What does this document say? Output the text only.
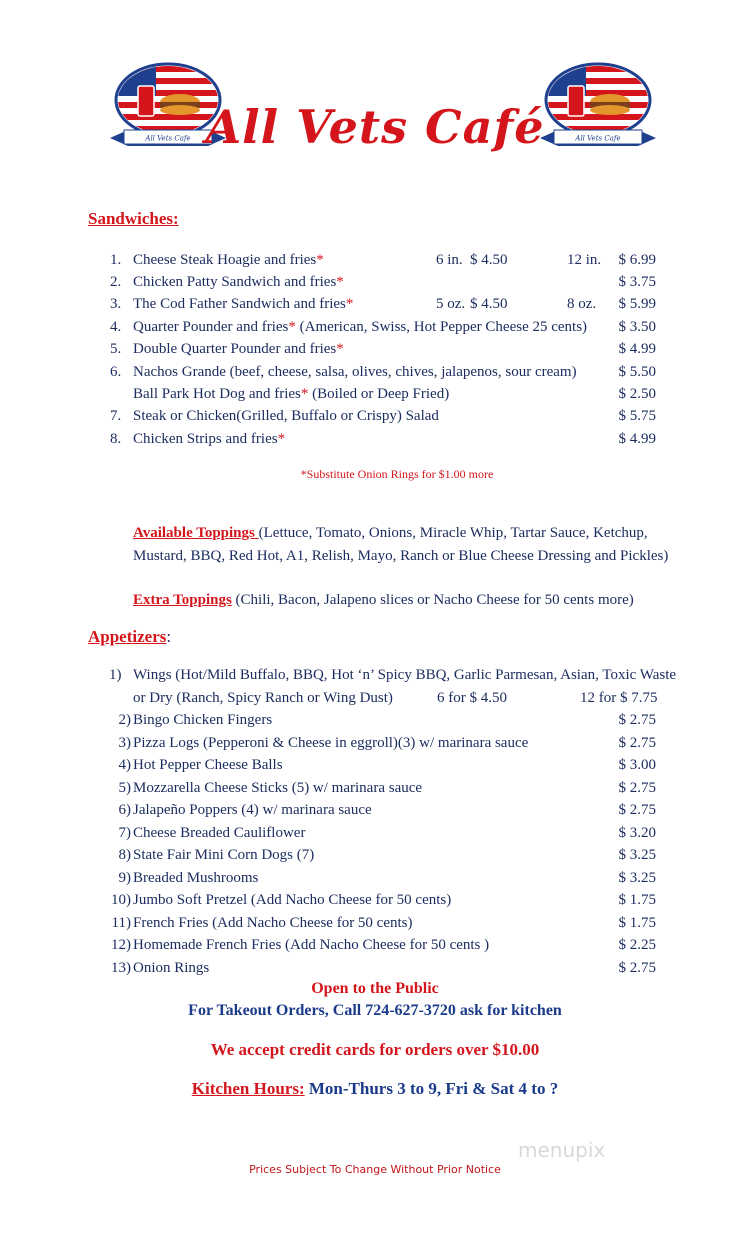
All Vets Cafe	All Vets Cafe
All Vets Café
Sandwiches:
1. Cheese Steak Hoagie and fries*	6 in. $ 4.50	12 in.	$ 6.99
2. Chicken Patty Sandwich and fries*	$ 3.75
3. The Cod Father Sandwich and fries*	5 oz. $ 4.50	8 oz.	$ 5.99
4. Quarter Pounder and fries* (American, Swiss, Hot Pepper Cheese 25 cents)	$ 3.50
5. Double Quarter Pounder and fries*	$ 4.99
6. Nachos Grande (beef, cheese, salsa, olives, chives, jalapenos, sour cream)	$ 5.50
Ball Park Hot Dog and fries* (Boiled or Deep Fried)	$ 2.50
7. Steak or Chicken(Grilled, Buffalo or Crispy) Salad	$ 5.75
8. Chicken Strips and fries*	$ 4.99
*Substitute Onion Rings for $1.00 more
Available Toppings (Lettuce, Tomato, Onions, Miracle Whip, Tartar Sauce, Ketchup,
Mustard, BBQ, Red Hot, A1, Relish, Mayo, Ranch or Blue Cheese Dressing and Pickles)
Extra Toppings (Chili, Bacon, Jalapeno slices or Nacho Cheese for 50 cents more)
Appetizers:
1) Wings (Hot/Mild Buffalo, BBQ, Hot ‘n’ Spicy BBQ, Garlic Parmesan, Asian, Toxic Waste
or Dry (Ranch, Spicy Ranch or Wing Dust)	6 for $ 4.50	12 for $ 7.75
2) Bingo Chicken Fingers	$ 2.75
3) Pizza Logs (Pepperoni & Cheese in eggroll)(3) w/ marinara sauce	$ 2.75
4) Hot Pepper Cheese Balls	$ 3.00
5) Mozzarella Cheese Sticks (5) w/ marinara sauce	$ 2.75
6) Jalapeño Poppers (4) w/ marinara sauce	$ 2.75
7) Cheese Breaded Cauliflower	$ 3.20
8) State Fair Mini Corn Dogs (7)	$ 3.25
9) Breaded Mushrooms	$ 3.25
10) Jumbo Soft Pretzel (Add Nacho Cheese for 50 cents)	$ 1.75
11) French Fries (Add Nacho Cheese for 50 cents)	$ 1.75
12) Homemade French Fries (Add Nacho Cheese for 50 cents )	$ 2.25
13) Onion Rings	$ 2.75
Open to the Public
For Takeout Orders, Call 724-627-3720 ask for kitchen
We accept credit cards for orders over $10.00
Kitchen Hours: Mon-Thurs 3 to 9, Fri & Sat 4 to ?
menupix
Prices Subject To Change Without Prior Notice
